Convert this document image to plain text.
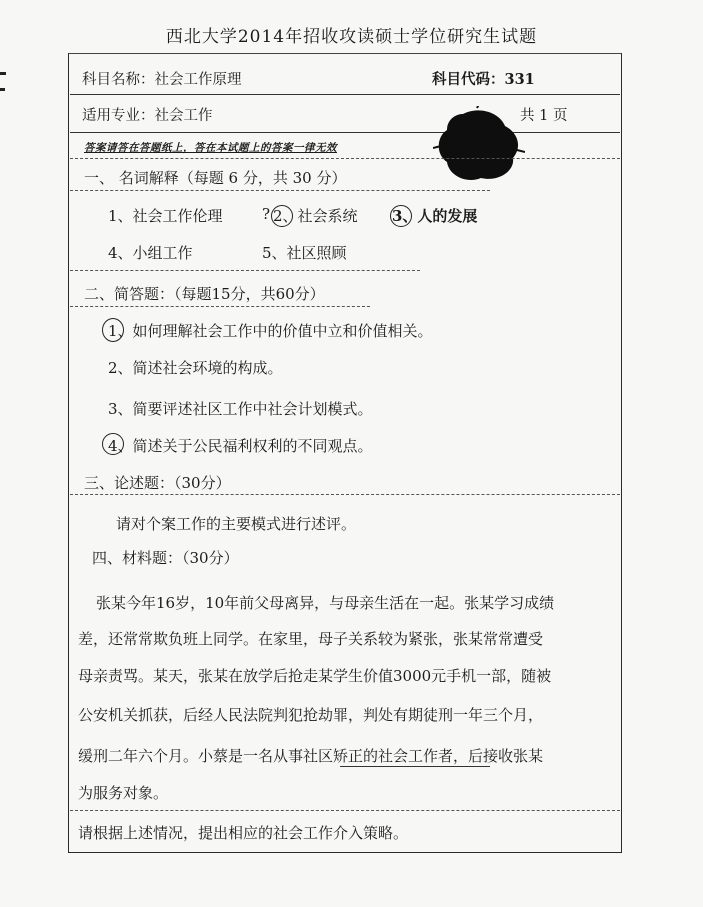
西北大学2014年招收攻读硕士学位研究生试题
科目名称：社会工作原理	科目代码：331
适用专业：社会工作	共 1 页
答案请答在答题纸上，答在本试题上的答案一律无效
一、 名词解释（每题 6 分，共 30 分）
1、社会工作伦理	? 2、社会系统 3、人的发展
4、小组工作	5、社区照顾
二、简答题：（每题15分，共60分）
1、如何理解社会工作中的价值中立和价值相关。
2、简述社会环境的构成。
3、简要评述社区工作中社会计划模式。
4、简述关于公民福利权利的不同观点。
三、论述题：（30分）
请对个案工作的主要模式进行述评。
四、材料题：（30分）
张某今年16岁，10年前父母离异，与母亲生活在一起。张某学习成绩
差，还常常欺负班上同学。在家里，母子关系较为紧张，张某常常遭受
母亲责骂。某天，张某在放学后抢走某学生价值3000元手机一部，随被
公安机关抓获，后经人民法院判犯抢劫罪，判处有期徒刑一年三个月，
缓刑二年六个月。小蔡是一名从事社区矫正的社会工作者，后接收张某
为服务对象。
请根据上述情况，提出相应的社会工作介入策略。
